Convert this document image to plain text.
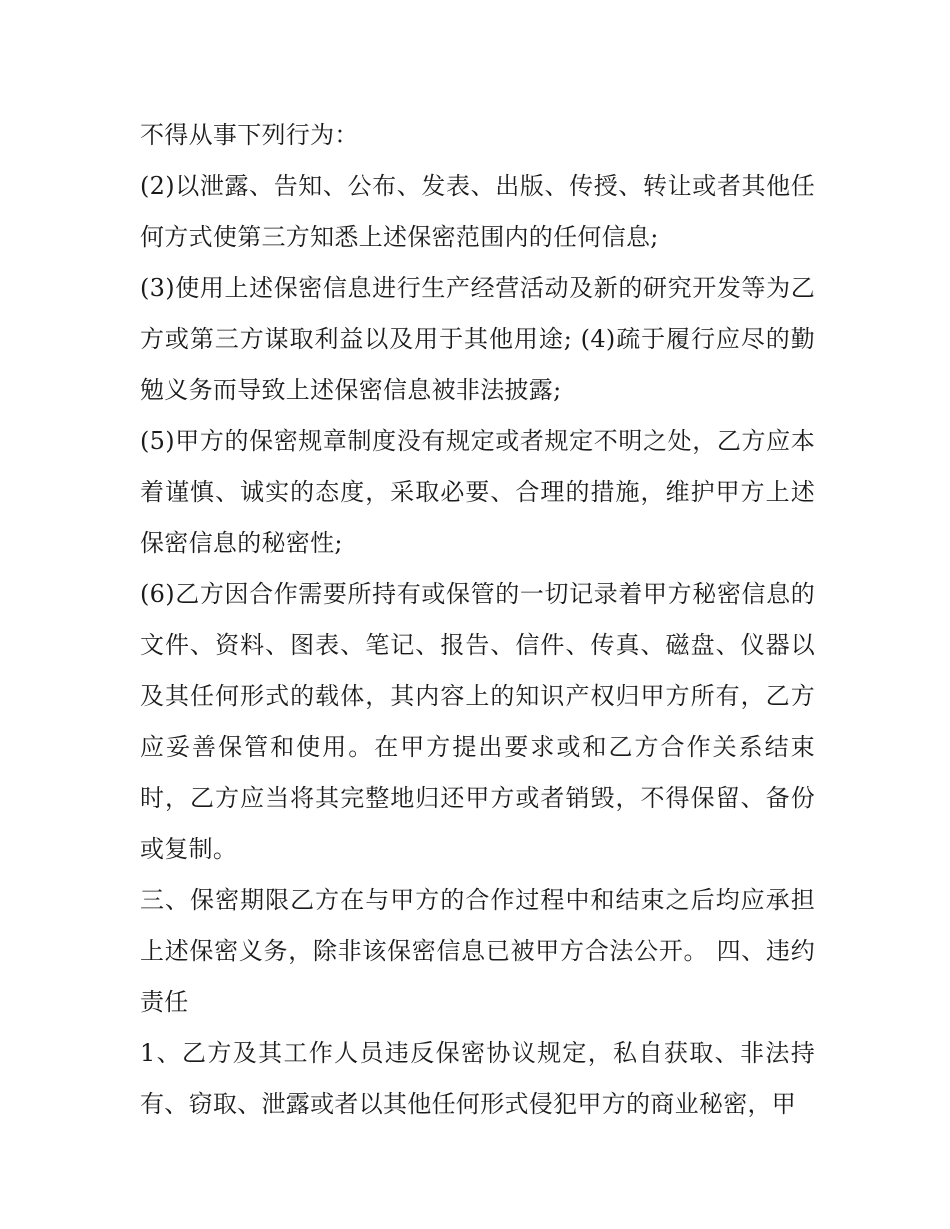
不得从事下列行为：

(2)以泄露、告知、公布、发表、出版、传授、转让或者其他任何方式使第三方知悉上述保密范围内的任何信息;

(3)使用上述保密信息进行生产经营活动及新的研究开发等为乙方或第三方谋取利益以及用于其他用途; (4)疏于履行应尽的勤勉义务而导致上述保密信息被非法披露;

(5)甲方的保密规章制度没有规定或者规定不明之处，乙方应本着谨慎、诚实的态度，采取必要、合理的措施，维护甲方上述保密信息的秘密性;

(6)乙方因合作需要所持有或保管的一切记录着甲方秘密信息的文件、资料、图表、笔记、报告、信件、传真、磁盘、仪器以及其任何形式的载体，其内容上的知识产权归甲方所有，乙方应妥善保管和使用。在甲方提出要求或和乙方合作关系结束时，乙方应当将其完整地归还甲方或者销毁，不得保留、备份或复制。

三、保密期限乙方在与甲方的合作过程中和结束之后均应承担上述保密义务，除非该保密信息已被甲方合法公开。 四、违约责任

1、乙方及其工作人员违反保密协议规定，私自获取、非法持有、窃取、泄露或者以其他任何形式侵犯甲方的商业秘密，甲
